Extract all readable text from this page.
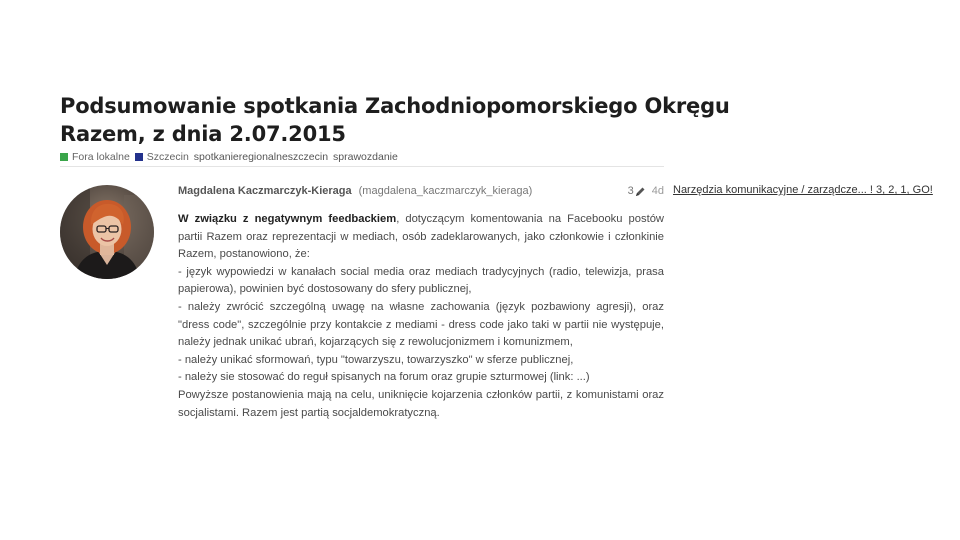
Podsumowanie spotkania Zachodniopomorskiego Okręgu Razem, z dnia 2.07.2015
Fora lokalne Szczecin spotkanieregionalneszczecin sprawozdanie
Magdalena Kaczmarczyk-Kieraga (magdalena_kaczmarczyk_kieraga)	3 4d

W związku z negatywnym feedbackiem, dotyczącym komentowania na Facebooku postów partii Razem oraz reprezentacji w mediach, osób zadeklarowanych, jako członkowie i członkinie Razem, postanowiono, że:

- język wypowiedzi w kanałach social media oraz mediach tradycyjnych (radio, telewizja, prasa papierowa), powinien być dostosowany do sfery publicznej,

- należy zwrócić szczególną uwagę na własne zachowania (język pozbawiony agresji), oraz "dress code", szczególnie przy kontakcie z mediami - dress code jako taki w partii nie występuje, należy jednak unikać ubrań, kojarzących się z rewolucjonizmem i komunizmem,

- należy unikać sformowań, typu "towarzyszu, towarzyszko" w sferze publicznej,

- należy sie stosować do reguł spisanych na forum oraz grupie szturmowej (link: ...)

Powyższe postanowienia mają na celu, uniknięcie kojarzenia członków partii, z komunistami oraz socjalistami. Razem jest partią socjaldemokratyczną.

Narzędzia komunikacyjne / zarządcze... ! 3, 2, 1, GO!
